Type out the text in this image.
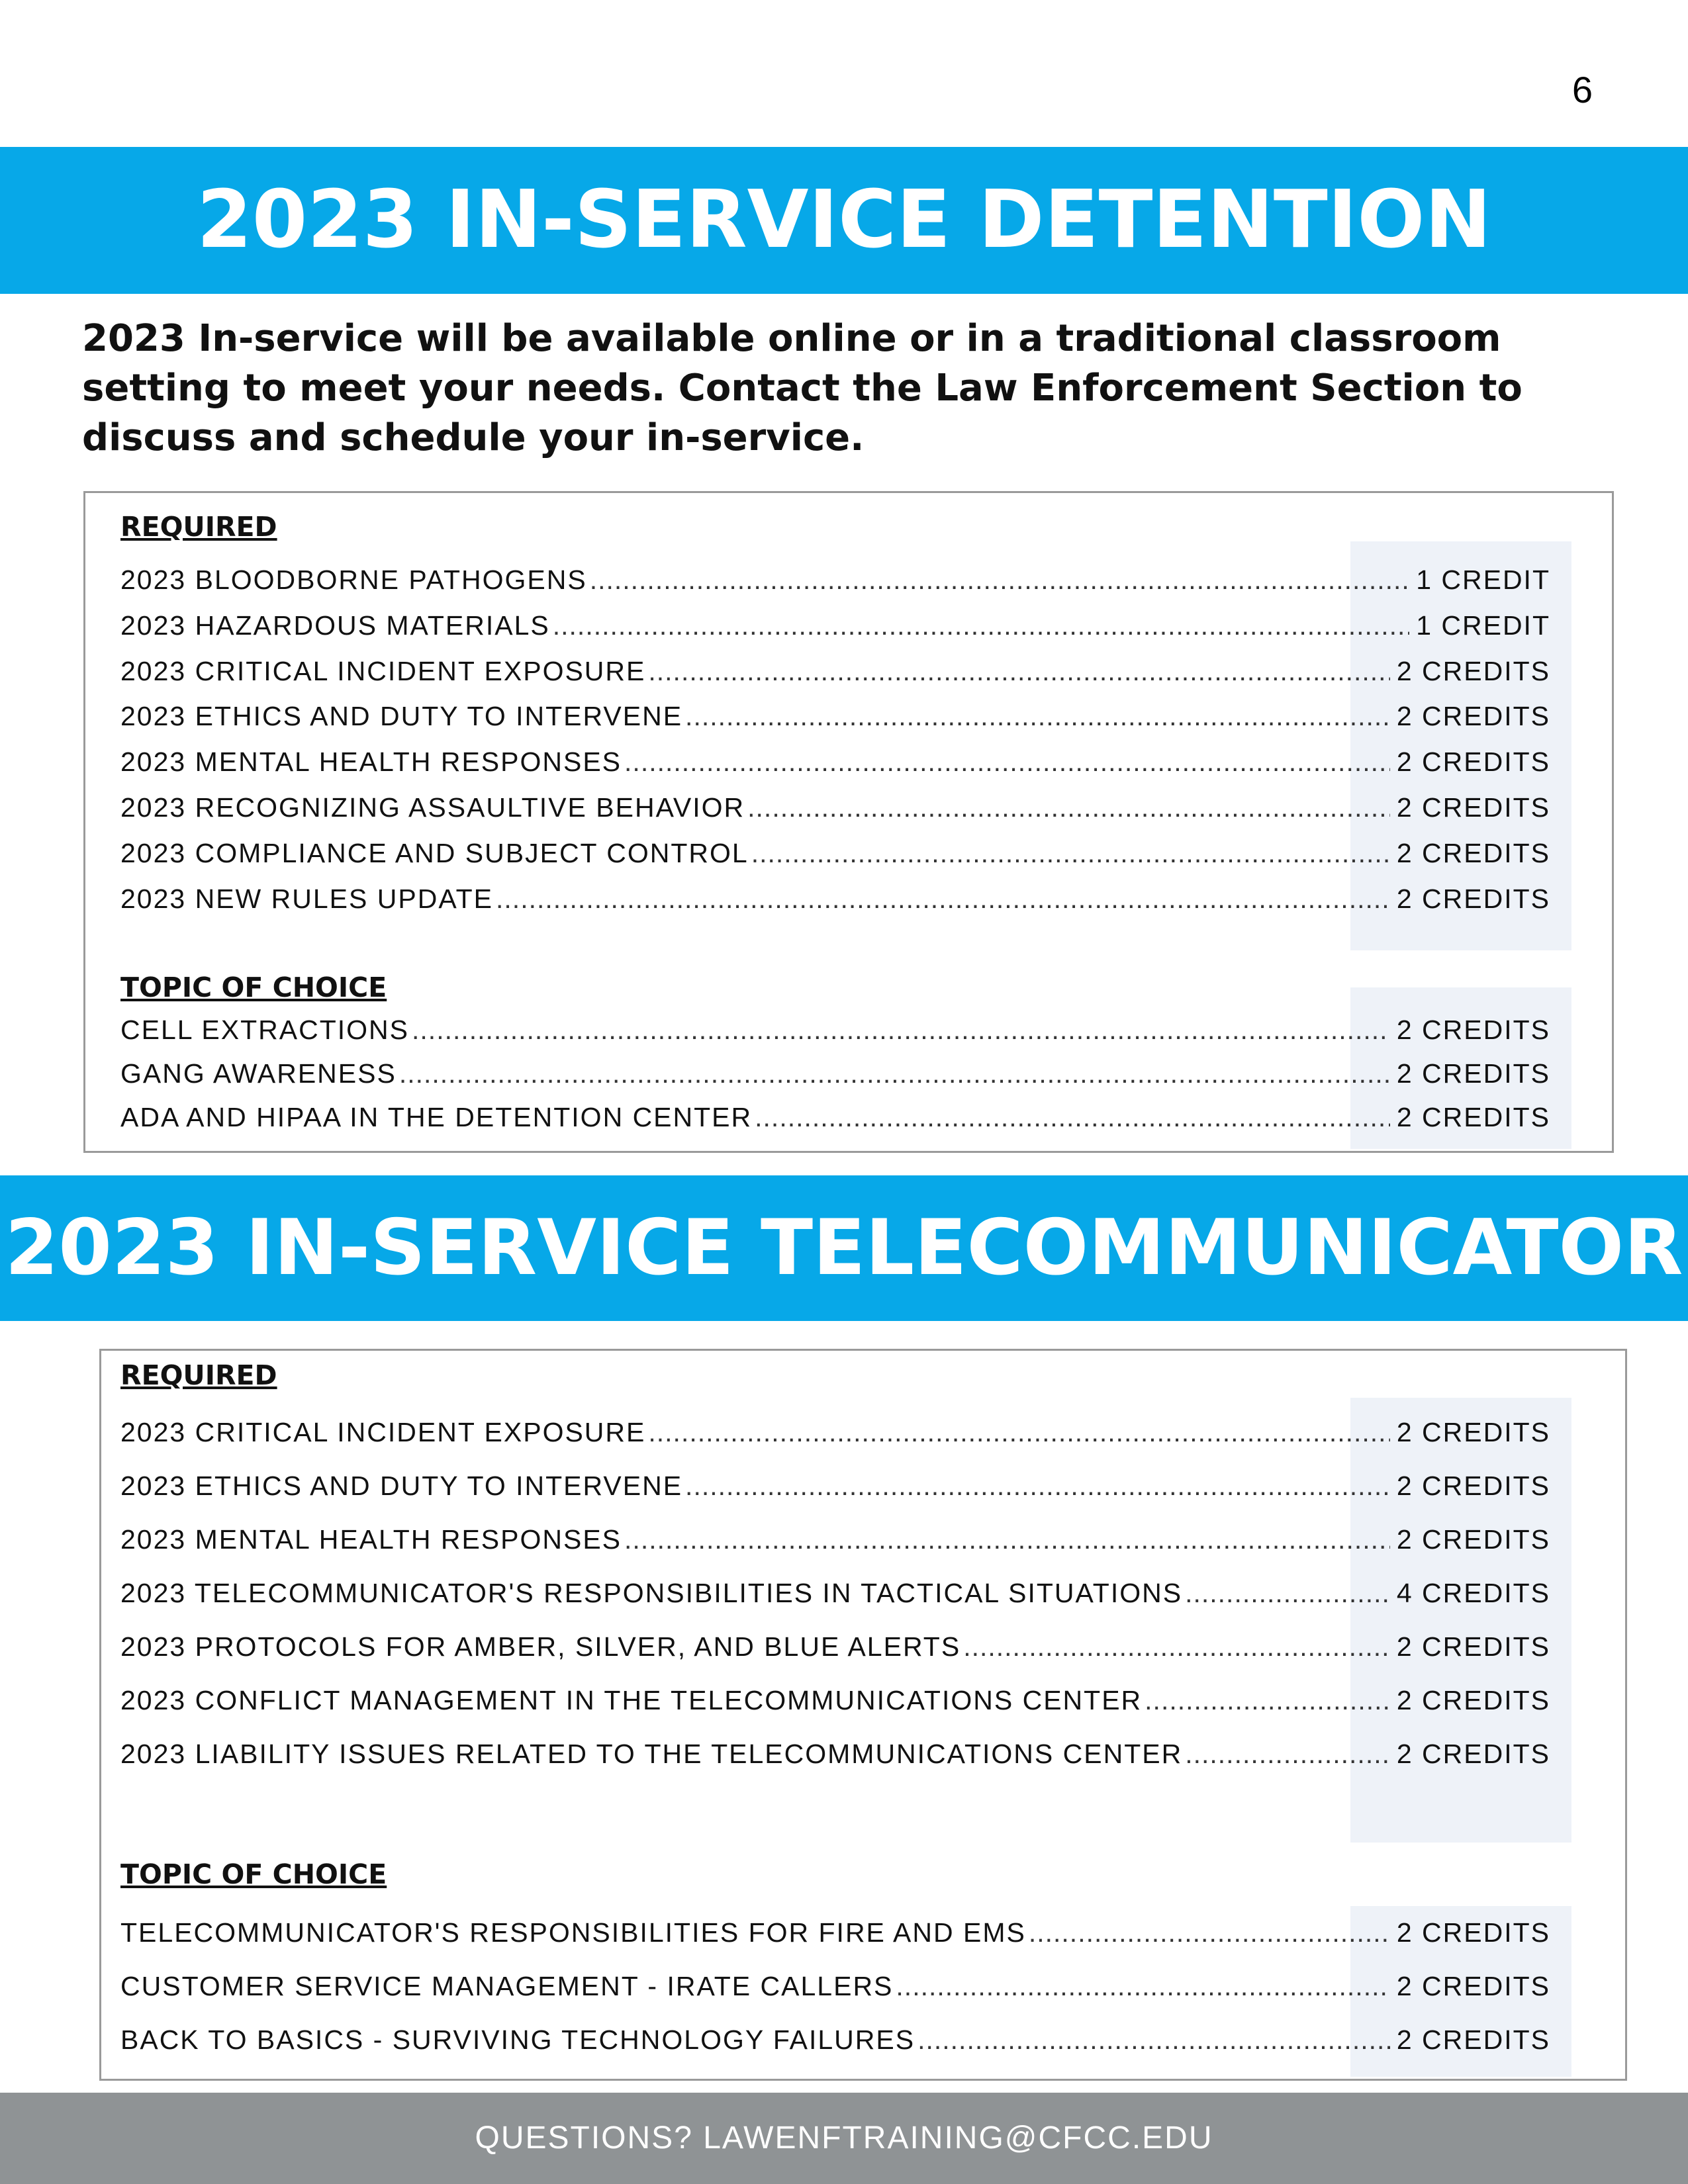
6
2023 IN-SERVICE DETENTION
2023 In-service will be available online or in a traditional classroom setting to meet your needs. Contact the Law Enforcement Section to discuss and schedule your in-service.
REQUIRED
2023 BLOODBORNE PATHOGENS .....	1 CREDIT
2023 HAZARDOUS MATERIALS .....	1 CREDIT
2023 CRITICAL INCIDENT EXPOSURE .....	2 CREDITS
2023 ETHICS AND DUTY TO INTERVENE .....	2 CREDITS
2023 MENTAL HEALTH RESPONSES .....	2 CREDITS
2023 RECOGNIZING ASSAULTIVE BEHAVIOR .....	2 CREDITS
2023 COMPLIANCE AND SUBJECT CONTROL .....	2 CREDITS
2023 NEW RULES UPDATE .....	2 CREDITS
TOPIC OF CHOICE
CELL EXTRACTIONS .....	2 CREDITS
GANG AWARENESS .....	2 CREDITS
ADA AND HIPAA IN THE DETENTION CENTER .....	2 CREDITS
2023 IN-SERVICE TELECOMMUNICATOR
REQUIRED
2023 CRITICAL INCIDENT EXPOSURE .....	2 CREDITS
2023 ETHICS AND DUTY TO INTERVENE .....	2 CREDITS
2023 MENTAL HEALTH RESPONSES .....	2 CREDITS
2023 TELECOMMUNICATOR'S RESPONSIBILITIES IN TACTICAL SITUATIONS .....	4 CREDITS
2023 PROTOCOLS FOR AMBER, SILVER, AND BLUE ALERTS .....	2 CREDITS
2023 CONFLICT MANAGEMENT IN THE TELECOMMUNICATIONS CENTER .....	2 CREDITS
2023 LIABILITY ISSUES RELATED TO THE TELECOMMUNICATIONS CENTER .....	2 CREDITS
TOPIC OF CHOICE
TELECOMMUNICATOR'S RESPONSIBILITIES FOR FIRE AND EMS .....	2 CREDITS
CUSTOMER SERVICE MANAGEMENT - IRATE CALLERS .....	2 CREDITS
BACK TO BASICS - SURVIVING TECHNOLOGY FAILURES .....	2 CREDITS
QUESTIONS? LAWENFTRAINING@CFCC.EDU
